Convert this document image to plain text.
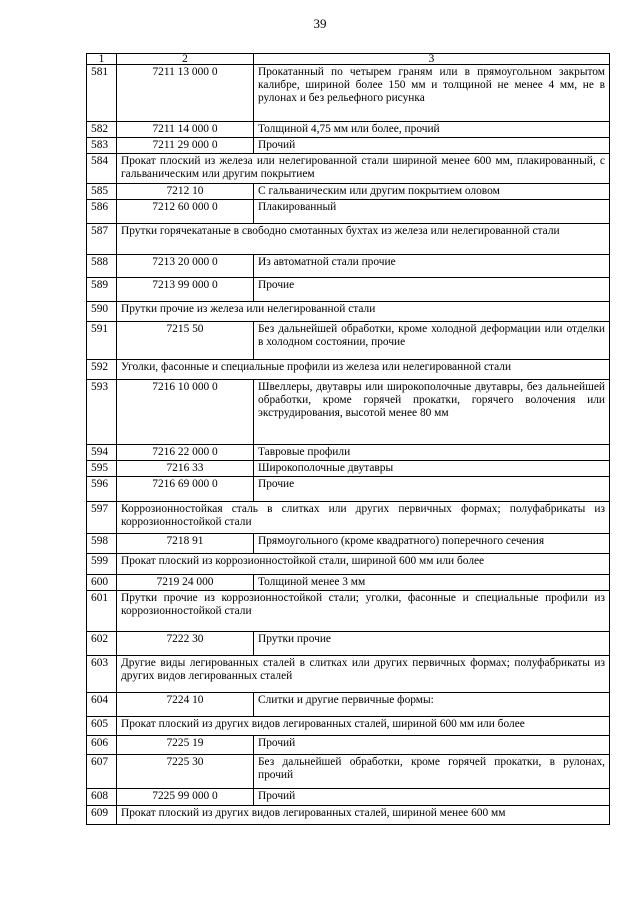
39
1	2	3
581	7211 13 000 0	Прокатанный по четырем граням или в прямоугольном закрытом калибре, шириной более 150 мм и толщиной не менее 4 мм, не в рулонах и без рельефного рисунка
582	7211 14 000 0	Толщиной 4,75 мм или более, прочий
583	7211 29 000 0	Прочий
584	Прокат плоский из железа или нелегированной стали шириной менее 600 мм, плакированный, с гальваническим или другим покрытием	
585	7212 10	С гальваническим или другим покрытием оловом
586	7212 60 000 0	Плакированный
587	Прутки горячекатаные в свободно смотанных бухтах из железа или нелегированной стали	
588	7213 20 000 0	Из автоматной стали прочие
589	7213 99 000 0	Прочие
590	Прутки прочие из железа или нелегированной стали	
591	7215 50	Без дальнейшей обработки, кроме холодной деформации или отделки в холодном состоянии, прочие
592	Уголки, фасонные и специальные профили из железа или нелегированной стали	
593	7216 10 000 0	Швеллеры, двутавры или широкополочные двутавры, без дальнейшей обработки, кроме горячей прокатки, горячего волочения или экструдирования, высотой менее 80 мм
594	7216 22 000 0	Тавровые профили
595	7216 33	Широкополочные двутавры
596	7216 69 000 0	Прочие
597	Коррозионностойкая сталь в слитках или других первичных формах; полуфабрикаты из коррозионностойкой стали	
598	7218 91	Прямоугольного (кроме квадратного) поперечного сечения
599	Прокат плоский из коррозионностойкой стали, шириной 600 мм или более	
600	7219 24 000	Толщиной менее 3 мм
601	Прутки прочие из коррозионностойкой стали; уголки, фасонные и специальные профили из коррозионностойкой стали	
602	7222 30	Прутки прочие
603	Другие виды легированных сталей в слитках или других первичных формах; полуфабрикаты из других видов легированных сталей	
604	7224 10	Слитки и другие первичные формы:
605	Прокат плоский из других видов легированных сталей, шириной 600 мм или более	
606	7225 19	Прочий
607	7225 30	Без дальнейшей обработки, кроме горячей прокатки, в рулонах, прочий
608	7225 99 000 0	Прочий
609	Прокат плоский из других видов легированных сталей, шириной менее 600 мм	
